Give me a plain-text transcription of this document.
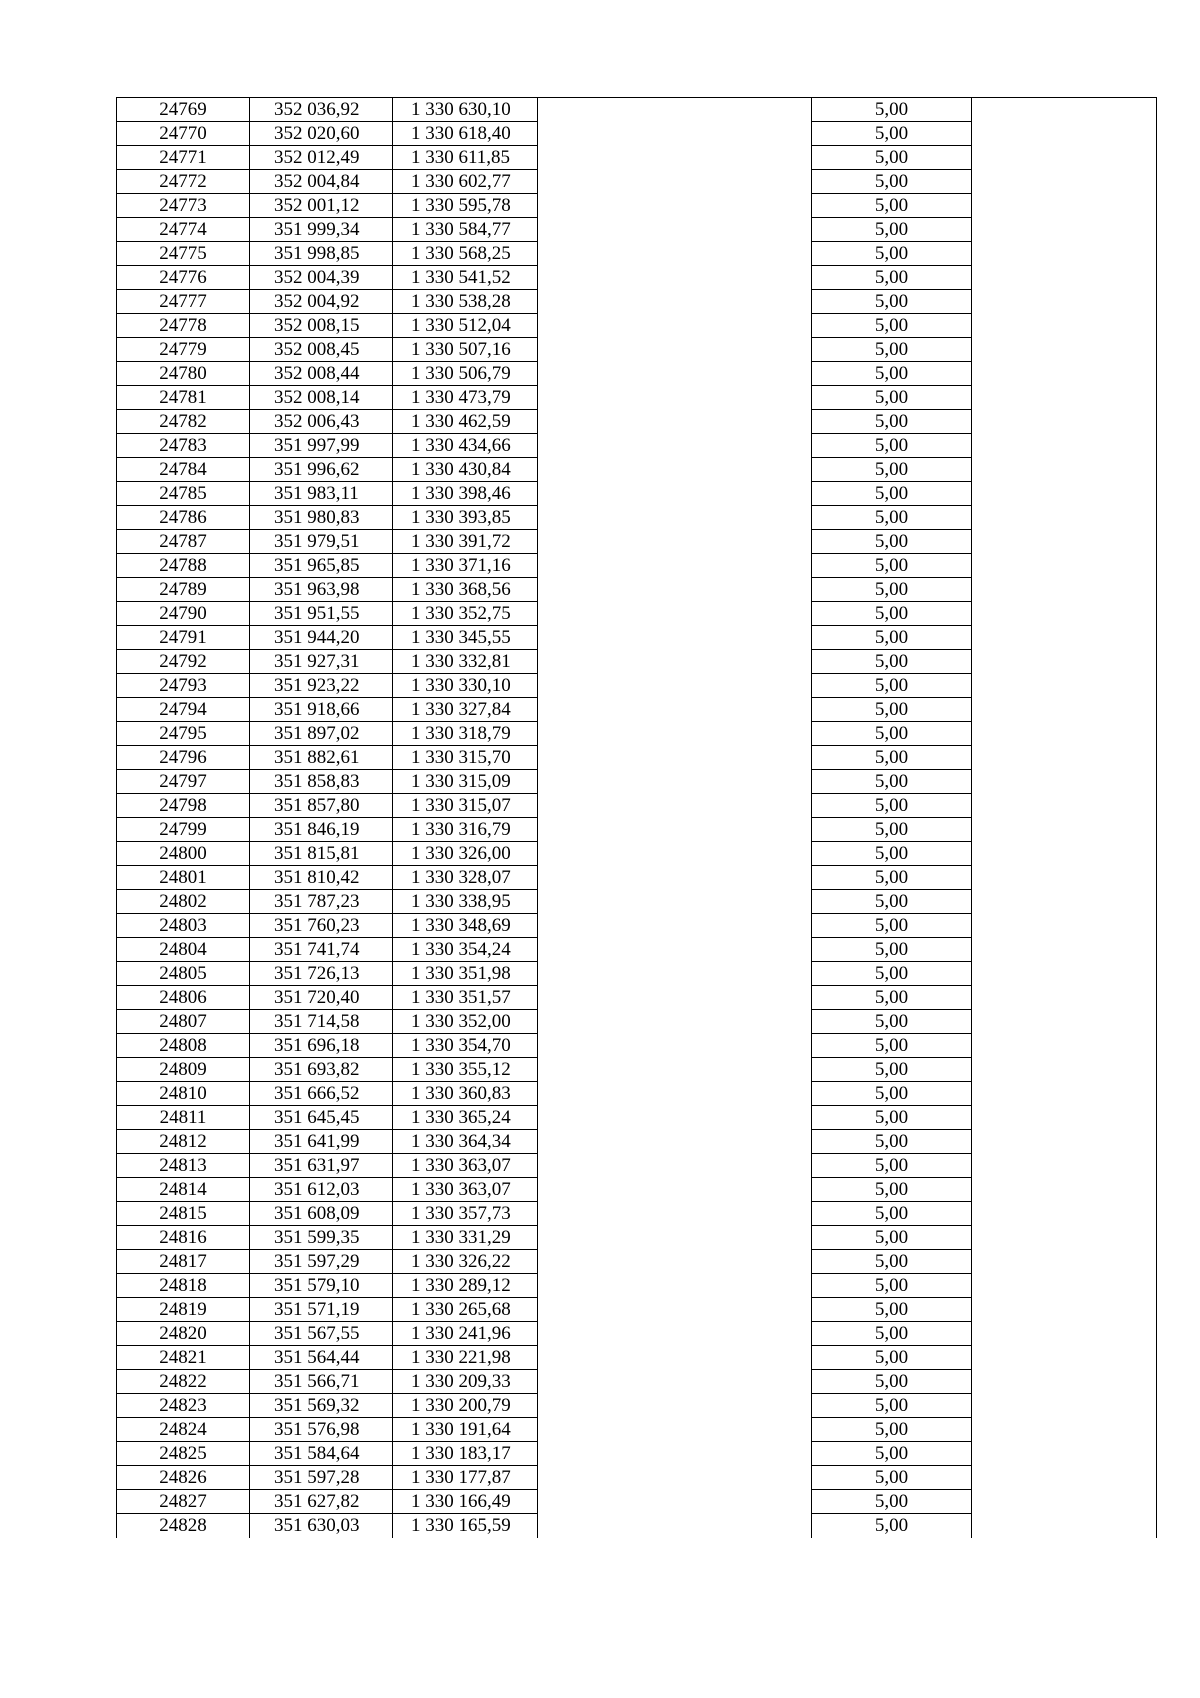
24769	352 036,92	1 330 630,10		5,00	
24770	352 020,60	1 330 618,40		5,00	
24771	352 012,49	1 330 611,85		5,00	
24772	352 004,84	1 330 602,77		5,00	
24773	352 001,12	1 330 595,78		5,00	
24774	351 999,34	1 330 584,77		5,00	
24775	351 998,85	1 330 568,25		5,00	
24776	352 004,39	1 330 541,52		5,00	
24777	352 004,92	1 330 538,28		5,00	
24778	352 008,15	1 330 512,04		5,00	
24779	352 008,45	1 330 507,16		5,00	
24780	352 008,44	1 330 506,79		5,00	
24781	352 008,14	1 330 473,79		5,00	
24782	352 006,43	1 330 462,59		5,00	
24783	351 997,99	1 330 434,66		5,00	
24784	351 996,62	1 330 430,84		5,00	
24785	351 983,11	1 330 398,46		5,00	
24786	351 980,83	1 330 393,85		5,00	
24787	351 979,51	1 330 391,72		5,00	
24788	351 965,85	1 330 371,16		5,00	
24789	351 963,98	1 330 368,56		5,00	
24790	351 951,55	1 330 352,75		5,00	
24791	351 944,20	1 330 345,55		5,00	
24792	351 927,31	1 330 332,81		5,00	
24793	351 923,22	1 330 330,10		5,00	
24794	351 918,66	1 330 327,84		5,00	
24795	351 897,02	1 330 318,79		5,00	
24796	351 882,61	1 330 315,70		5,00	
24797	351 858,83	1 330 315,09		5,00	
24798	351 857,80	1 330 315,07		5,00	
24799	351 846,19	1 330 316,79		5,00	
24800	351 815,81	1 330 326,00		5,00	
24801	351 810,42	1 330 328,07		5,00	
24802	351 787,23	1 330 338,95		5,00	
24803	351 760,23	1 330 348,69		5,00	
24804	351 741,74	1 330 354,24		5,00	
24805	351 726,13	1 330 351,98		5,00	
24806	351 720,40	1 330 351,57		5,00	
24807	351 714,58	1 330 352,00		5,00	
24808	351 696,18	1 330 354,70		5,00	
24809	351 693,82	1 330 355,12		5,00	
24810	351 666,52	1 330 360,83		5,00	
24811	351 645,45	1 330 365,24		5,00	
24812	351 641,99	1 330 364,34		5,00	
24813	351 631,97	1 330 363,07		5,00	
24814	351 612,03	1 330 363,07		5,00	
24815	351 608,09	1 330 357,73		5,00	
24816	351 599,35	1 330 331,29		5,00	
24817	351 597,29	1 330 326,22		5,00	
24818	351 579,10	1 330 289,12		5,00	
24819	351 571,19	1 330 265,68		5,00	
24820	351 567,55	1 330 241,96		5,00	
24821	351 564,44	1 330 221,98		5,00	
24822	351 566,71	1 330 209,33		5,00	
24823	351 569,32	1 330 200,79		5,00	
24824	351 576,98	1 330 191,64		5,00	
24825	351 584,64	1 330 183,17		5,00	
24826	351 597,28	1 330 177,87		5,00	
24827	351 627,82	1 330 166,49		5,00	
24828	351 630,03	1 330 165,59		5,00	
